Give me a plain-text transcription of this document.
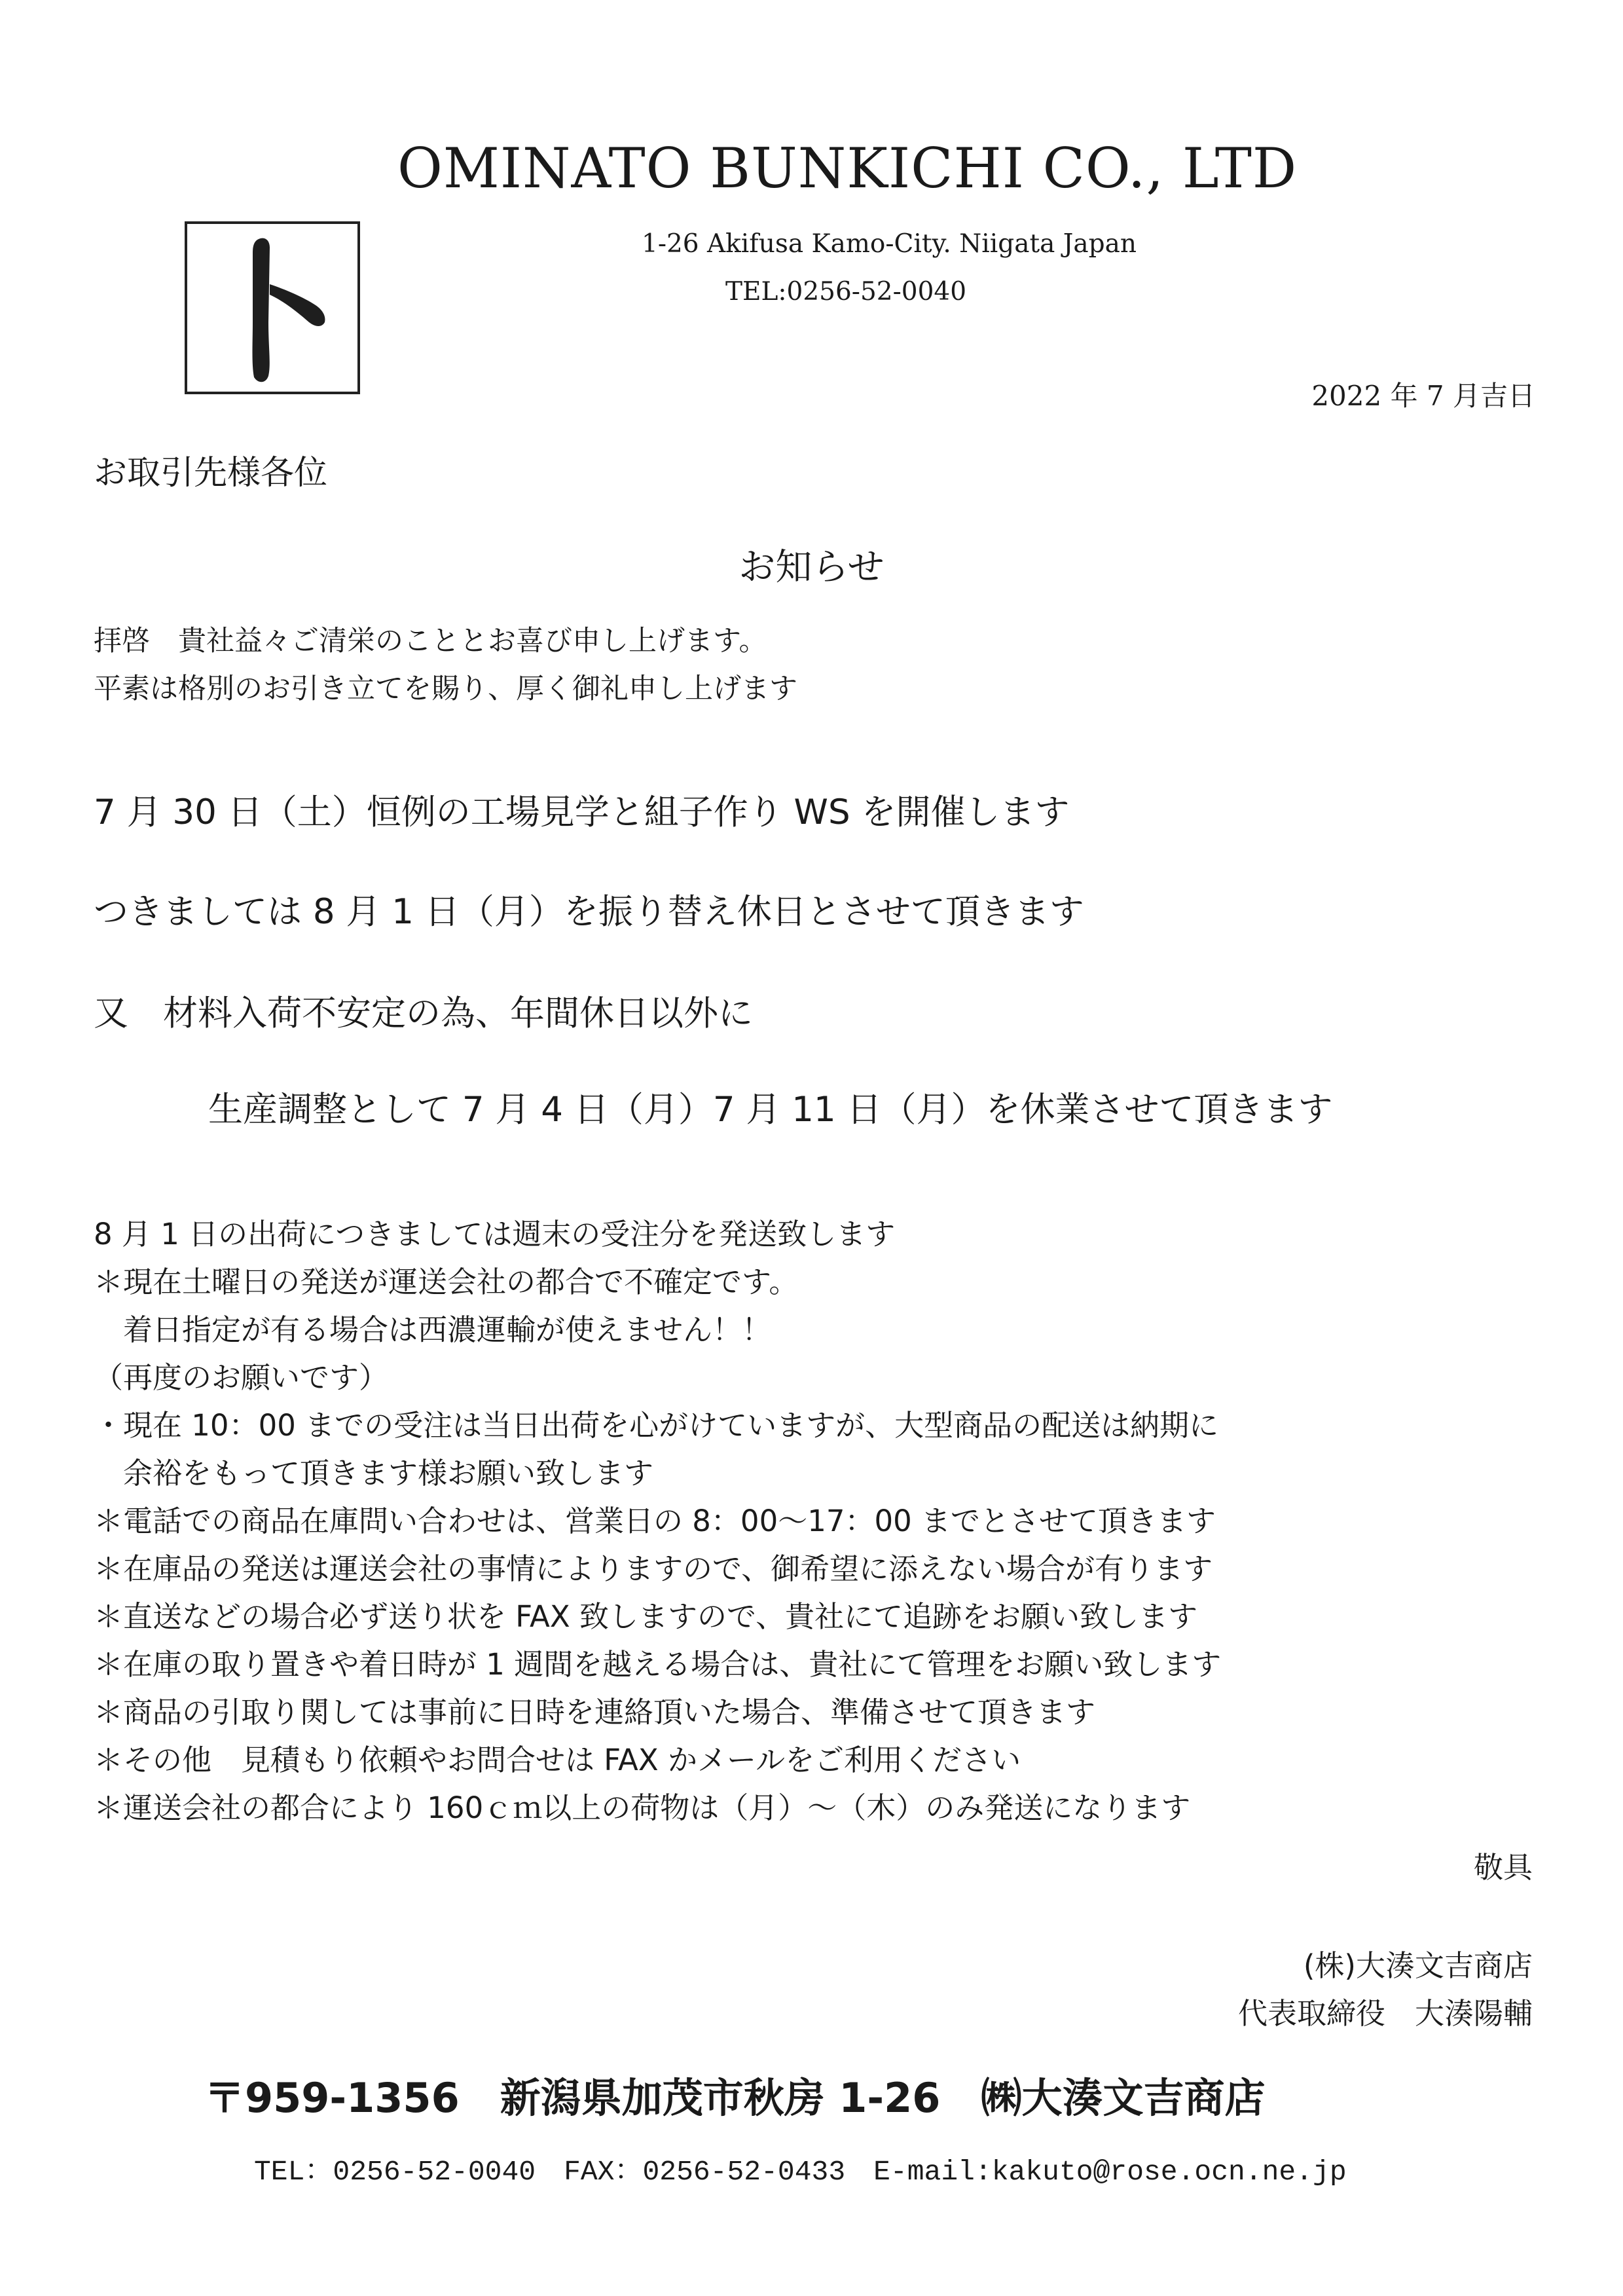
OMINATO BUNKICHI CO., LTD

1-26 Akifusa Kamo-City. Niigata Japan

TEL:0256-52-0040

2022 年 7 月吉日

お取引先様各位

お知らせ

拝啓　貴社益々ご清栄のこととお喜び申し上げます。

平素は格別のお引き立てを賜り、厚く御礼申し上げます

7 月 30 日（土）恒例の工場見学と組子作り WS を開催します

つきましては 8 月 1 日（月）を振り替え休日とさせて頂きます

又　材料入荷不安定の為、年間休日以外に

生産調整として 7 月 4 日（月）7 月 11 日（月）を休業させて頂きます

8 月 1 日の出荷につきましては週末の受注分を発送致します

＊現在土曜日の発送が運送会社の都合で不確定です。

　着日指定が有る場合は西濃運輸が使えません！！

（再度のお願いです）

・現在 10：00 までの受注は当日出荷を心がけていますが、大型商品の配送は納期に

　余裕をもって頂きます様お願い致します

＊電話での商品在庫問い合わせは、営業日の 8：00〜17：00 までとさせて頂きます

＊在庫品の発送は運送会社の事情によりますので、御希望に添えない場合が有ります

＊直送などの場合必ず送り状を FAX 致しますので、貴社にて追跡をお願い致します

＊在庫の取り置きや着日時が 1 週間を越える場合は、貴社にて管理をお願い致します

＊商品の引取り関しては事前に日時を連絡頂いた場合、準備させて頂きます

＊その他　見積もり依頼やお問合せは FAX かメールをご利用ください

＊運送会社の都合により 160ｃｍ以上の荷物は（月）〜（木）のみ発送になります

敬具

(株)大湊文吉商店

代表取締役　大湊陽輔

〒959-1356　新潟県加茂市秋房 1-26　㈱大湊文吉商店

TEL：0256-52-0040　FAX：0256-52-0433　E-mail:kakuto@rose.ocn.ne.jp
